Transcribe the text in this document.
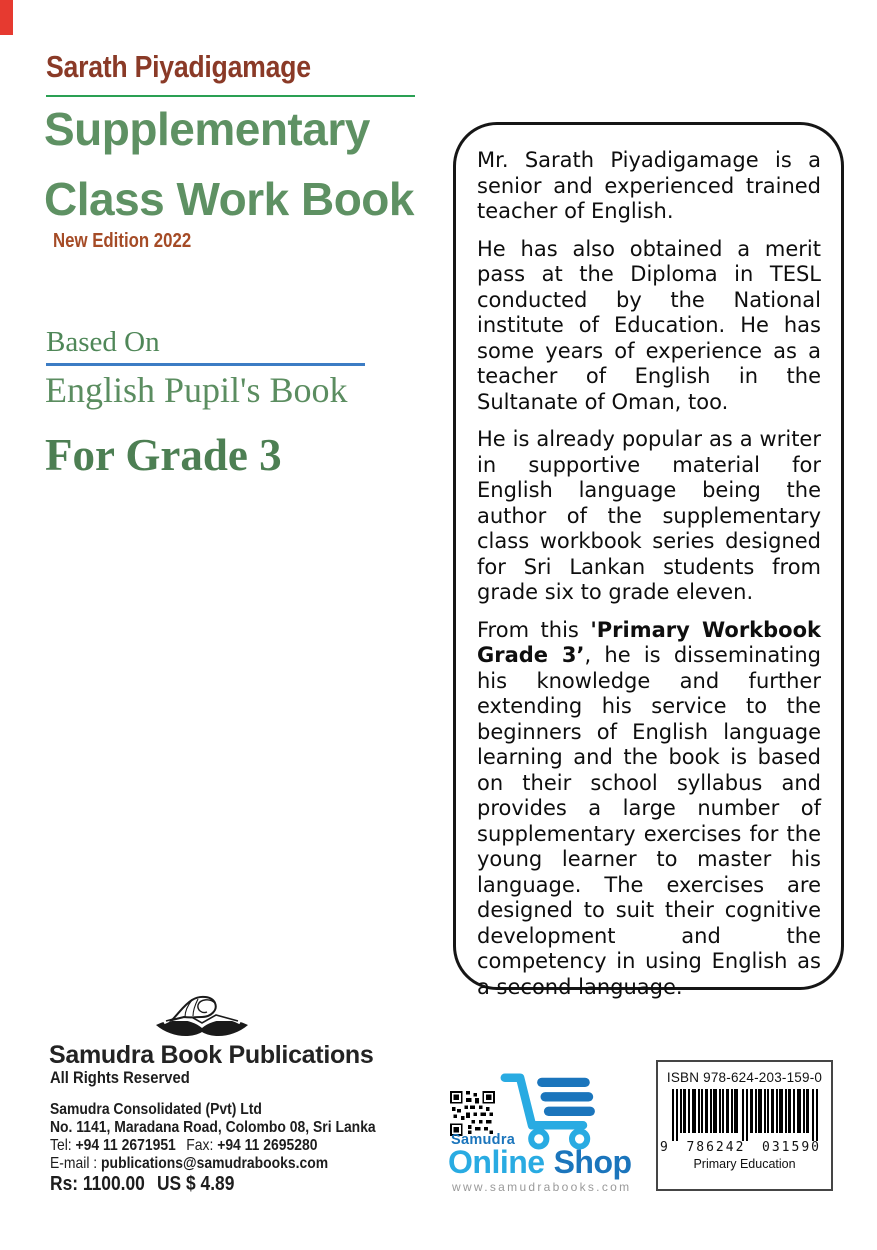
Sarath Piyadigamage
Supplementary
Class Work Book
New Edition 2022
Based On
English Pupil's Book
For Grade 3

Mr. Sarath Piyadigamage is a senior and experienced trained teacher of English.

He has also obtained a merit pass at the Diploma in TESL conducted by the National institute of Education. He has some years of experience as a teacher of English in the Sultanate of Oman, too.

He is already popular as a writer in supportive material for English language being the author of the supplementary class workbook series designed for Sri Lankan students from grade six to grade eleven.

From this 'Primary Workbook Grade 3’, he is disseminating his knowledge and further extending his service to the beginners of English language learning and the book is based on their school syllabus and provides a large number of supplementary exercises for the young learner to master his language. The exercises are designed to suit their cognitive development and the competency in using English as a second language.

Samudra Book Publications
All Rights Reserved
Samudra Consolidated (Pvt) Ltd
No. 1141, Maradana Road, Colombo 08, Sri Lanka
Tel: +94 11 2671951 Fax: +94 11 2695280
E-mail : publications@samudrabooks.com
Rs: 1100.00 US $ 4.89
Samudra
Online Shop
www.samudrabooks.com
ISBN 978-624-203-159-0
9 786242 031590
Primary Education
